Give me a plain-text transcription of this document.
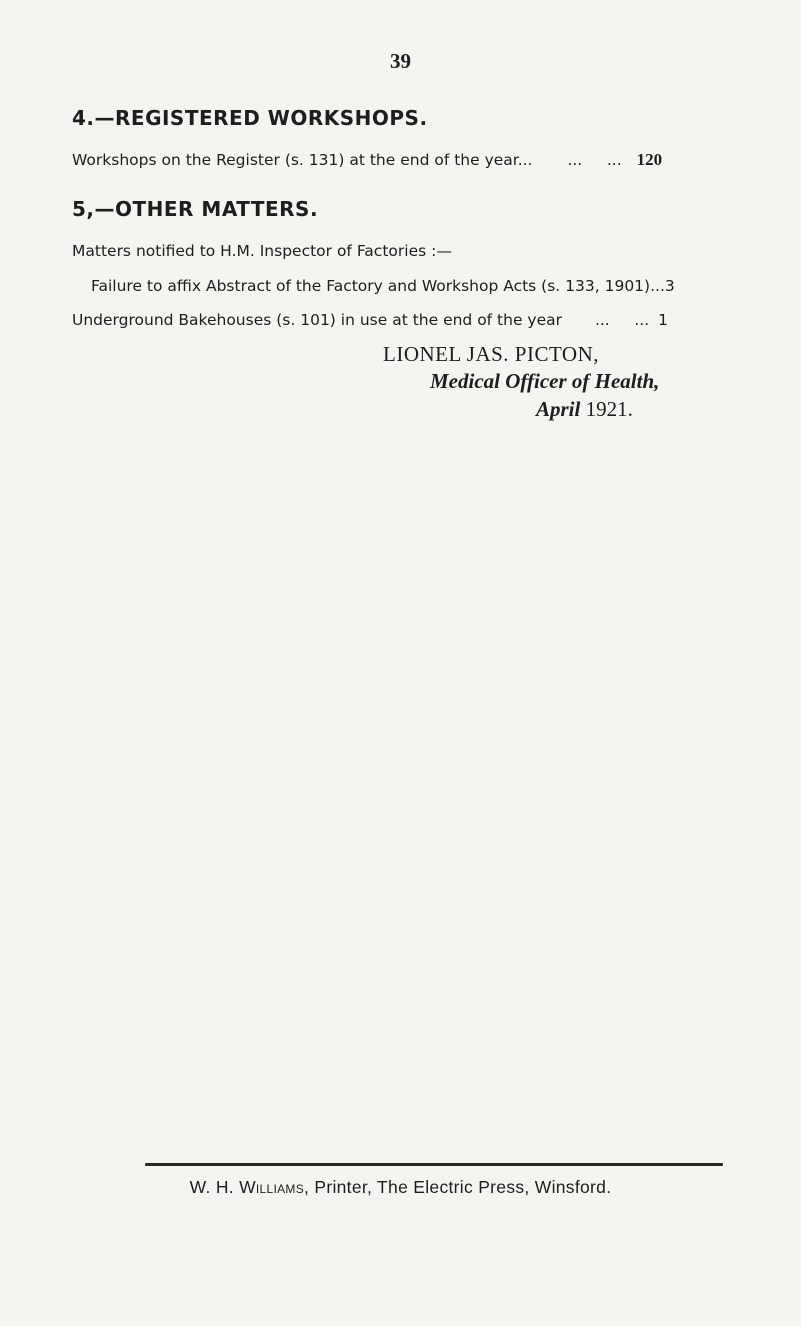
39
4.—REGISTERED WORKSHOPS.
Workshops on the Register (s. 131) at the end of the year... ...     ... 120
5,—OTHER MATTERS.
Matters notified to H.M. Inspector of Factories :—
Failure to affix Abstract of the Factory and Workshop Acts (s. 133, 1901)...3
Underground Bakehouses (s. 101) in use at the end of the year ...     ... 1
LIONEL JAS. PICTON,
Medical Officer of Health,
April 1921.
W. H. Williams, Printer, The Electric Press, Winsford.
